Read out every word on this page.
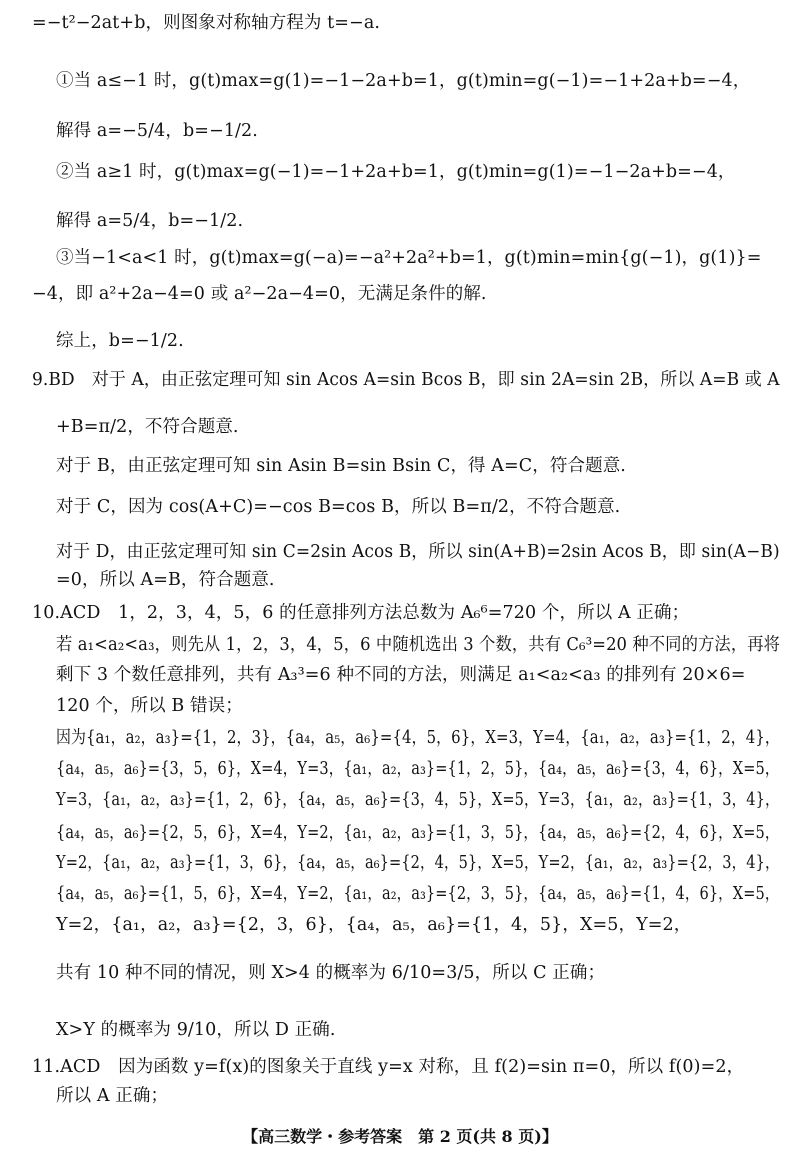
=−t²−2at+b，则图象对称轴方程为 t=−a.
①当 a≤−1 时，g(t)max=g(1)=−1−2a+b=1，g(t)min=g(−1)=−1+2a+b=−4，
解得 a=−5/4，b=−1/2.
②当 a≥1 时，g(t)max=g(−1)=−1+2a+b=1，g(t)min=g(1)=−1−2a+b=−4，
解得 a=5/4，b=−1/2.
③当−1<a<1 时，g(t)max=g(−a)=−a²+2a²+b=1，g(t)min=min{g(−1)，g(1)}=
−4，即 a²+2a−4=0 或 a²−2a−4=0，无满足条件的解.
综上，b=−1/2.
9.BD　对于 A，由正弦定理可知 sin Acos A=sin Bcos B，即 sin 2A=sin 2B，所以 A=B 或 A
+B=π/2，不符合题意.
对于 B，由正弦定理可知 sin Asin B=sin Bsin C，得 A=C，符合题意.
对于 C，因为 cos(A+C)=−cos B=cos B，所以 B=π/2，不符合题意.
对于 D，由正弦定理可知 sin C=2sin Acos B，所以 sin(A+B)=2sin Acos B，即 sin(A−B)
=0，所以 A=B，符合题意.
10.ACD　1，2，3，4，5，6 的任意排列方法总数为 A₆⁶=720 个，所以 A 正确；
若 a₁<a₂<a₃，则先从 1，2，3，4，5，6 中随机选出 3 个数，共有 C₆³=20 种不同的方法，再将
剩下 3 个数任意排列，共有 A₃³=6 种不同的方法，则满足 a₁<a₂<a₃ 的排列有 20×6=
120 个，所以 B 错误；
因为{a₁，a₂，a₃}={1，2，3}，{a₄，a₅，a₆}={4，5，6}，X=3，Y=4，{a₁，a₂，a₃}={1，2，4}，
{a₄，a₅，a₆}={3，5，6}，X=4，Y=3，{a₁，a₂，a₃}={1，2，5}，{a₄，a₅，a₆}={3，4，6}，X=5，
Y=3，{a₁，a₂，a₃}={1，2，6}，{a₄，a₅，a₆}={3，4，5}，X=5，Y=3，{a₁，a₂，a₃}={1，3，4}，
{a₄，a₅，a₆}={2，5，6}，X=4，Y=2，{a₁，a₂，a₃}={1，3，5}，{a₄，a₅，a₆}={2，4，6}，X=5，
Y=2，{a₁，a₂，a₃}={1，3，6}，{a₄，a₅，a₆}={2，4，5}，X=5，Y=2，{a₁，a₂，a₃}={2，3，4}，
{a₄，a₅，a₆}={1，5，6}，X=4，Y=2，{a₁，a₂，a₃}={2，3，5}，{a₄，a₅，a₆}={1，4，6}，X=5，
Y=2，{a₁，a₂，a₃}={2，3，6}，{a₄，a₅，a₆}={1，4，5}，X=5，Y=2，
共有 10 种不同的情况，则 X>4 的概率为 6/10=3/5，所以 C 正确；
X>Y 的概率为 9/10，所以 D 正确.
11.ACD　因为函数 y=f(x)的图象关于直线 y=x 对称，且 f(2)=sin π=0，所以 f(0)=2，
所以 A 正确；
【高三数学・参考答案　第 2 页(共 8 页)】
